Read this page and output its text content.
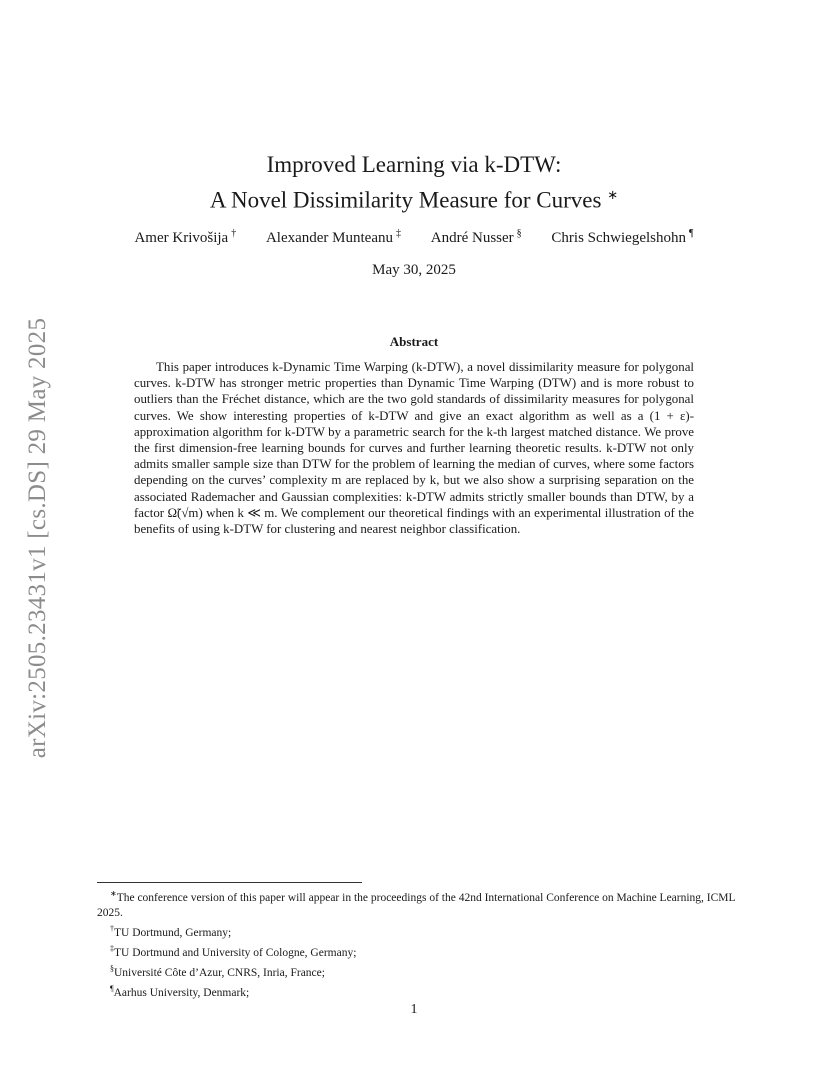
arXiv:2505.23431v1 [cs.DS] 29 May 2025
Improved Learning via k-DTW:
A Novel Dissimilarity Measure for Curves ∗
Amer Krivošija † Alexander Munteanu ‡ André Nusser § Chris Schwiegelshohn ¶
May 30, 2025
Abstract
This paper introduces k-Dynamic Time Warping (k-DTW), a novel dissimilarity measure for polygonal curves. k-DTW has stronger metric properties than Dynamic Time Warping (DTW) and is more robust to outliers than the Fréchet distance, which are the two gold standards of dissimilarity measures for polygonal curves. We show interesting properties of k-DTW and give an exact algorithm as well as a (1 + ε)-approximation algorithm for k-DTW by a parametric search for the k-th largest matched distance. We prove the first dimension-free learning bounds for curves and further learning theoretic results. k-DTW not only admits smaller sample size than DTW for the problem of learning the median of curves, where some factors depending on the curves’ complexity m are replaced by k, but we also show a surprising separation on the associated Rademacher and Gaussian complexities: k-DTW admits strictly smaller bounds than DTW, by a factor Ω̃(√m) when k ≪ m. We complement our theoretical findings with an experimental illustration of the benefits of using k-DTW for clustering and nearest neighbor classification.

∗The conference version of this paper will appear in the proceedings of the 42nd International Conference on Machine Learning, ICML 2025.

†TU Dortmund, Germany;

‡TU Dortmund and University of Cologne, Germany;

§Université Côte d’Azur, CNRS, Inria, France;

¶Aarhus University, Denmark;

1
